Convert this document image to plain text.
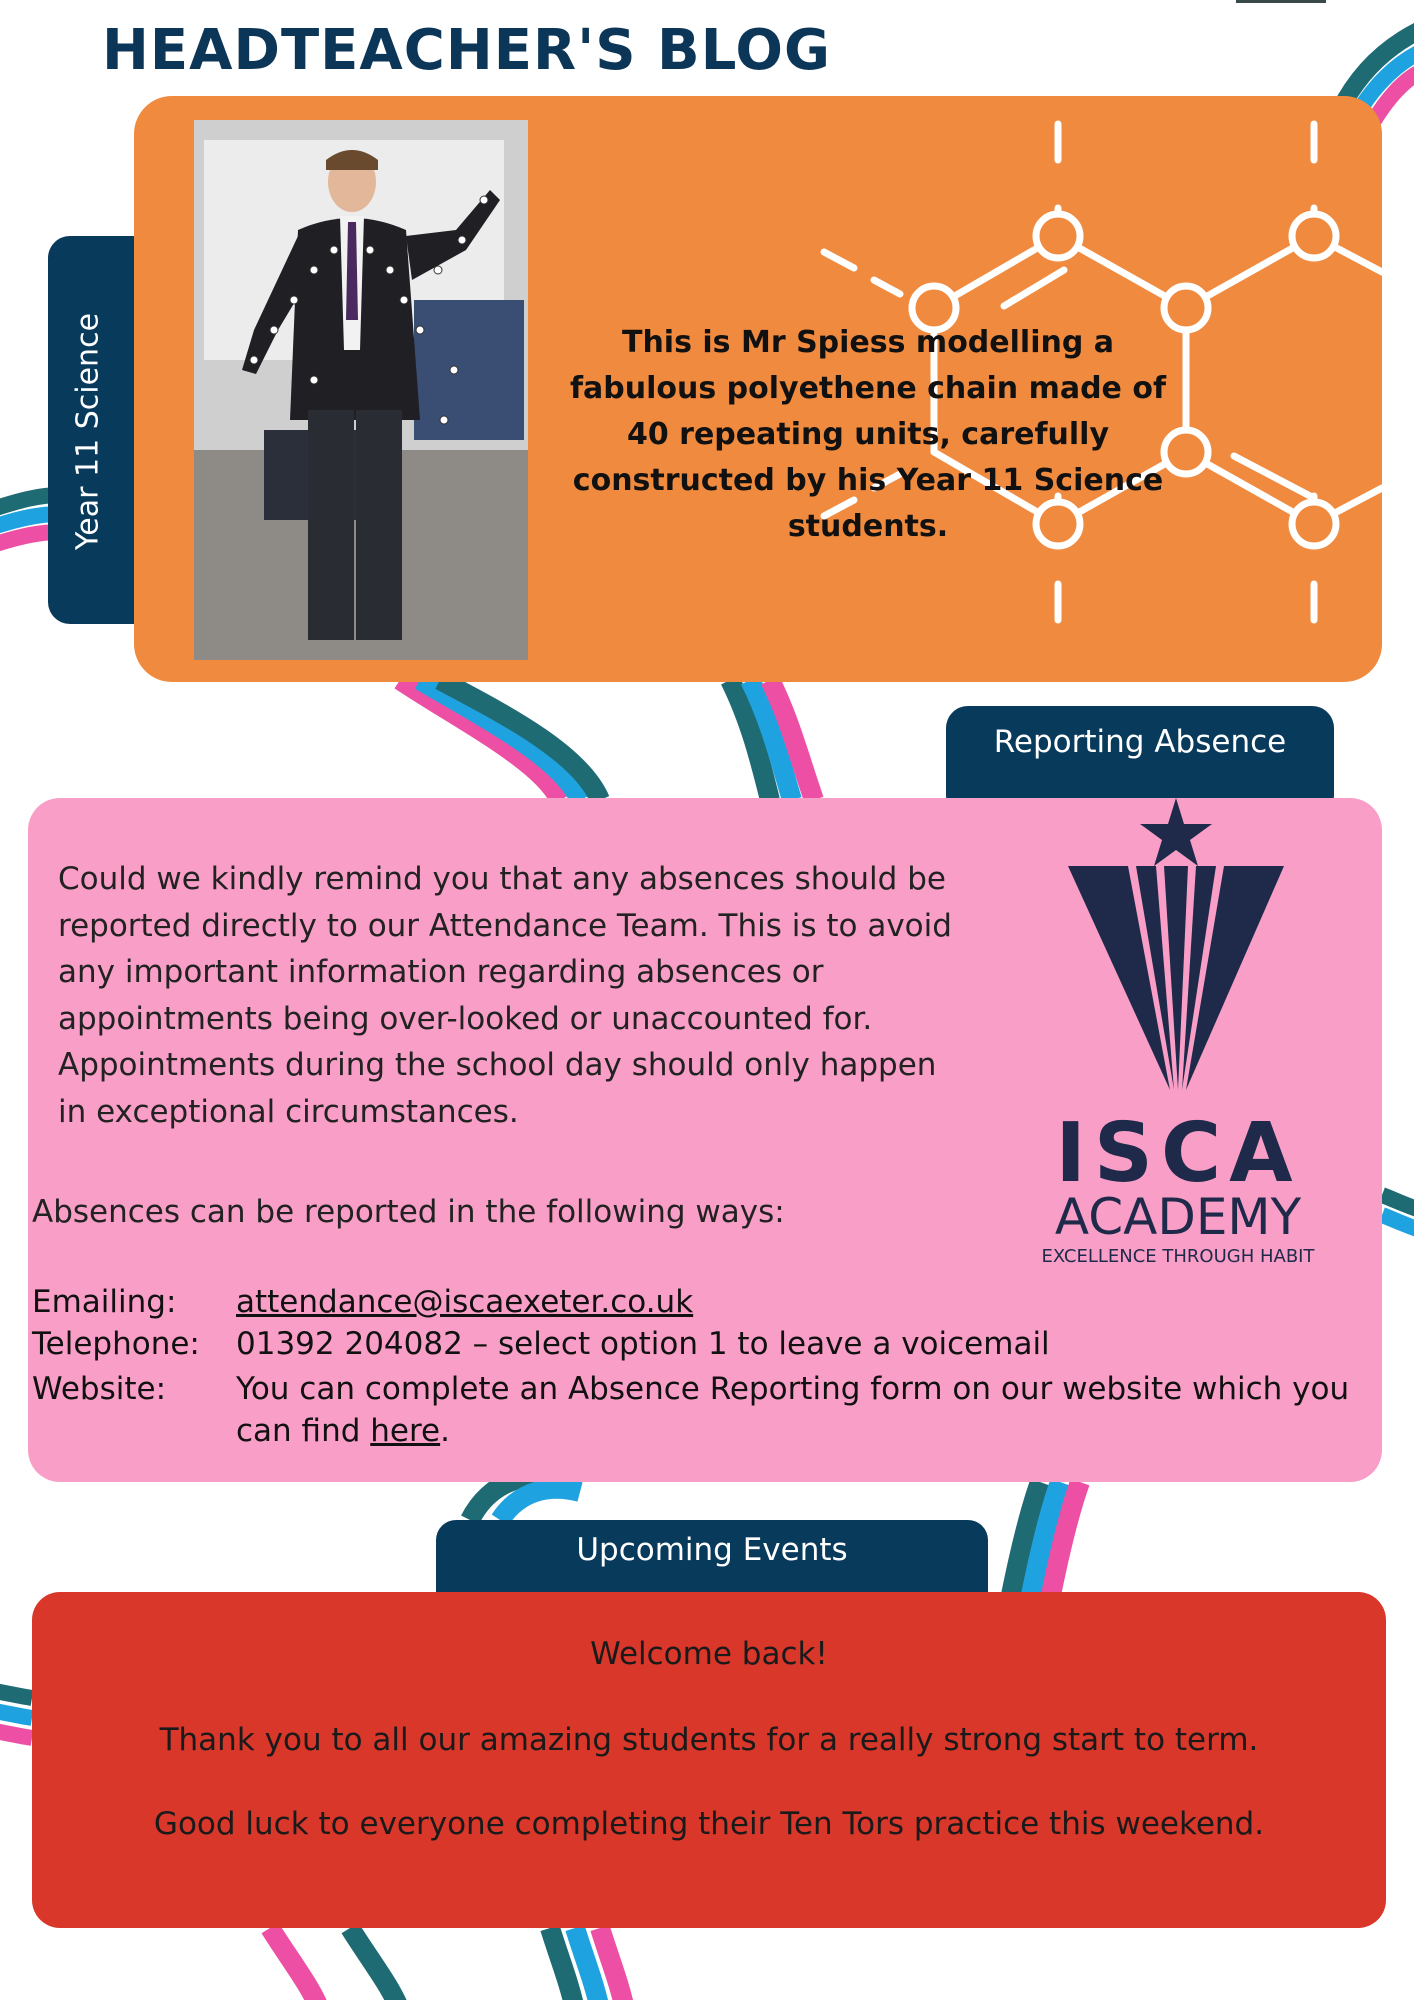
HEADTEACHER'S BLOG
Year 11 Science	This is Mr Spiess modelling a fabulous polyethene chain made of 40 repeating units, carefully constructed by his Year 11 Science students.

Reporting Absence

Could we kindly remind you that any absences should be reported directly to our Attendance Team. This is to avoid any important information regarding absences or appointments being over-looked or unaccounted for. Appointments during the school day should only happen in exceptional circumstances.

Absences can be reported in the following ways:

Emailing: attendance@iscaexeter.co.uk
Telephone: 01392 204082 – select option 1 to leave a voicemail
Website: You can complete an Absence Reporting form on our website which you can find here.
ISCA
ACADEMY
EXCELLENCE THROUGH HABIT
Upcoming Events

Welcome back!

Thank you to all our amazing students for a really strong start to term.

Good luck to everyone completing their Ten Tors practice this weekend.
